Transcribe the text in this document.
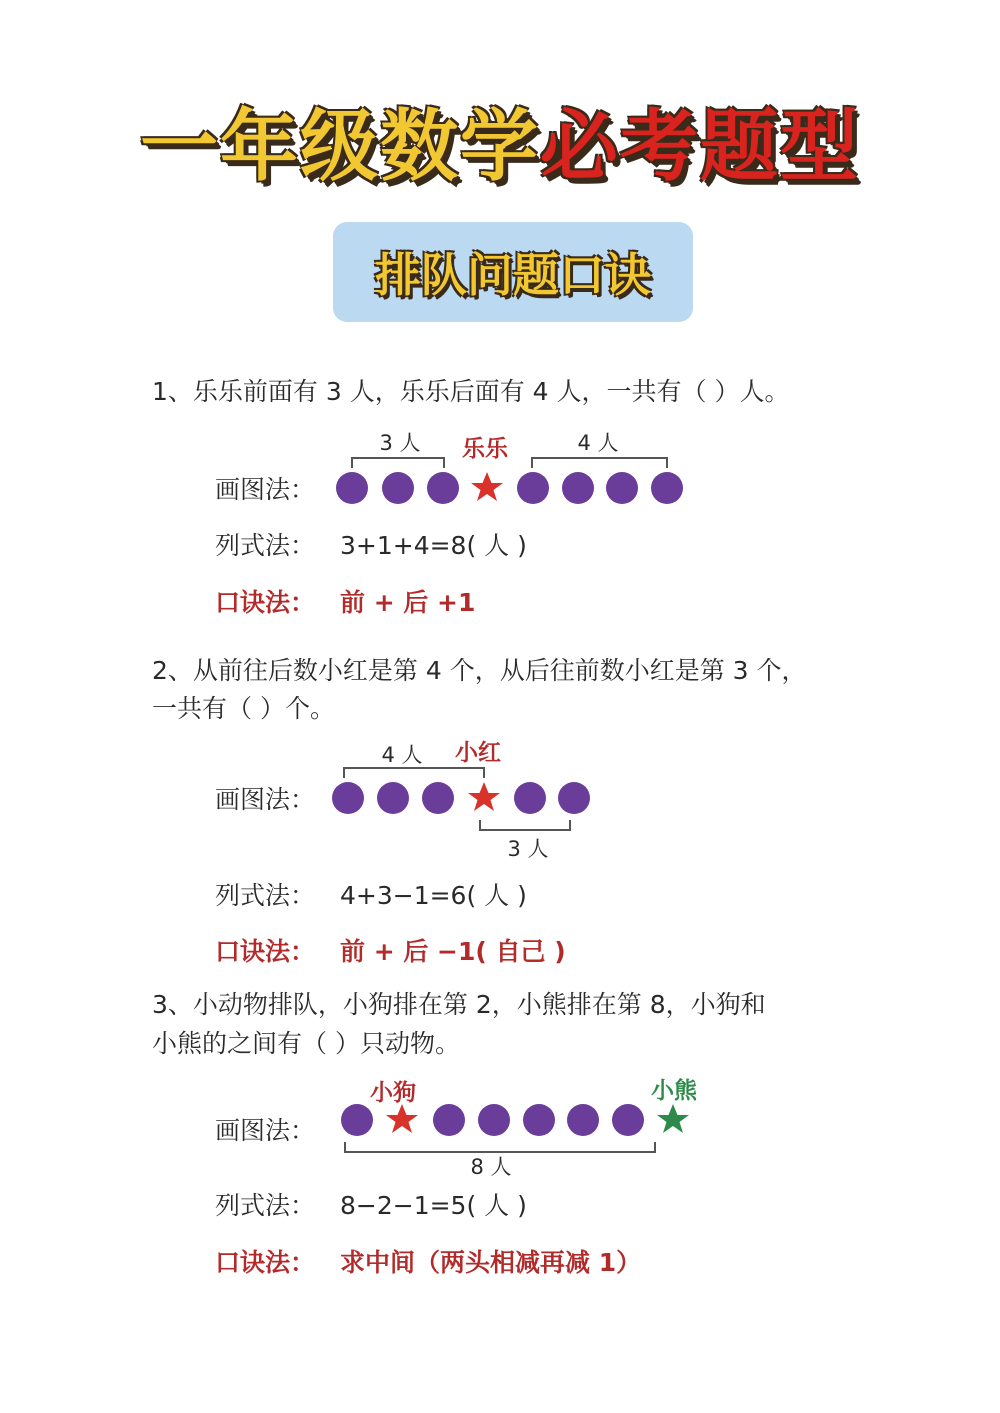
一年级数学必考题型
排队问题口诀
1、乐乐前面有 3 人，乐乐后面有 4 人，一共有（ ）人。
3 人 乐乐	4 人
画图法：
列式法： 3+1+4=8( 人 )
口诀法： 前 + 后 +1
2、从前往后数小红是第 4 个，从后往前数小红是第 3 个，
一共有（ ）个。
4 人 小红
3 人
画图法：
列式法： 4+3−1=6( 人 )
口诀法： 前 + 后 −1( 自己 )
3、小动物排队，小狗排在第 2，小熊排在第 8，小狗和
小熊的之间有（ ）只动物。
小狗	小熊
8 人
画图法：
列式法： 8−2−1=5( 人 )
口诀法： 求中间（两头相减再减 1）
